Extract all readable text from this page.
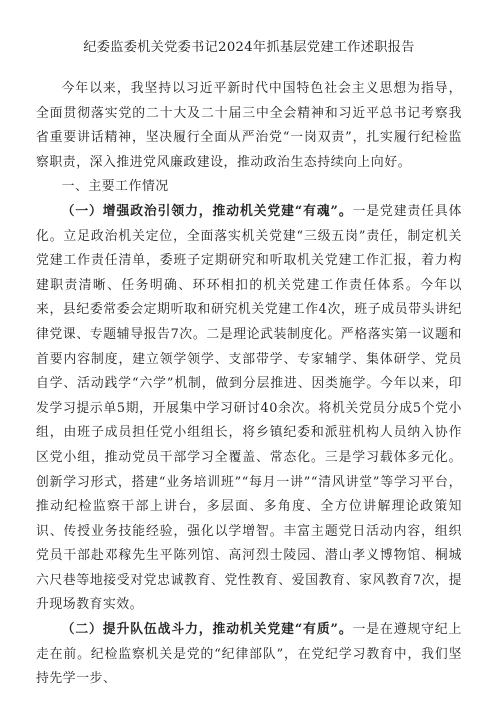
纪委监委机关党委书记2024年抓基层党建工作述职报告

今年以来，我坚持以习近平新时代中国特色社会主义思想为指导，全面贯彻落实党的二十大及二十届三中全会精神和习近平总书记考察我省重要讲话精神，坚决履行全面从严治党“一岗双责”，扎实履行纪检监察职责，深入推进党风廉政建设，推动政治生态持续向上向好。

一、主要工作情况

（一）增强政治引领力，推动机关党建“有魂”。一是党建责任具体化。立足政治机关定位，全面落实机关党建“三级五岗”责任，制定机关党建工作责任清单，委班子定期研究和听取机关党建工作汇报，着力构建职责清晰、任务明确、环环相扣的机关党建工作责任体系。今年以来，县纪委常委会定期听取和研究机关党建工作4次，班子成员带头讲纪律党课、专题辅导报告7次。二是理论武装制度化。严格落实第一议题和首要内容制度，建立领学领学、支部带学、专家辅学、集体研学、党员自学、活动践学“六学”机制，做到分层推进、因类施学。今年以来，印发学习提示单5期，开展集中学习研讨40余次。将机关党员分成5个党小组，由班子成员担任党小组组长，将乡镇纪委和派驻机构人员纳入协作区党小组，推动党员干部学习全覆盖、常态化。三是学习载体多元化。创新学习形式，搭建“业务培训班”“每月一讲”“清风讲堂”等学习平台，推动纪检监察干部上讲台，多层面、多角度、全方位讲解理论政策知识、传授业务技能经验，强化以学增智。丰富主题党日活动内容，组织党员干部赴邓稼先生平陈列馆、高河烈士陵园、潜山孝义博物馆、桐城六尺巷等地接受对党忠诚教育、党性教育、爱国教育、家风教育7次，提升现场教育实效。

（二）提升队伍战斗力，推动机关党建“有质”。一是在遵规守纪上走在前。纪检监察机关是党的“纪律部队”，在党纪学习教育中，我们坚持先学一步、
